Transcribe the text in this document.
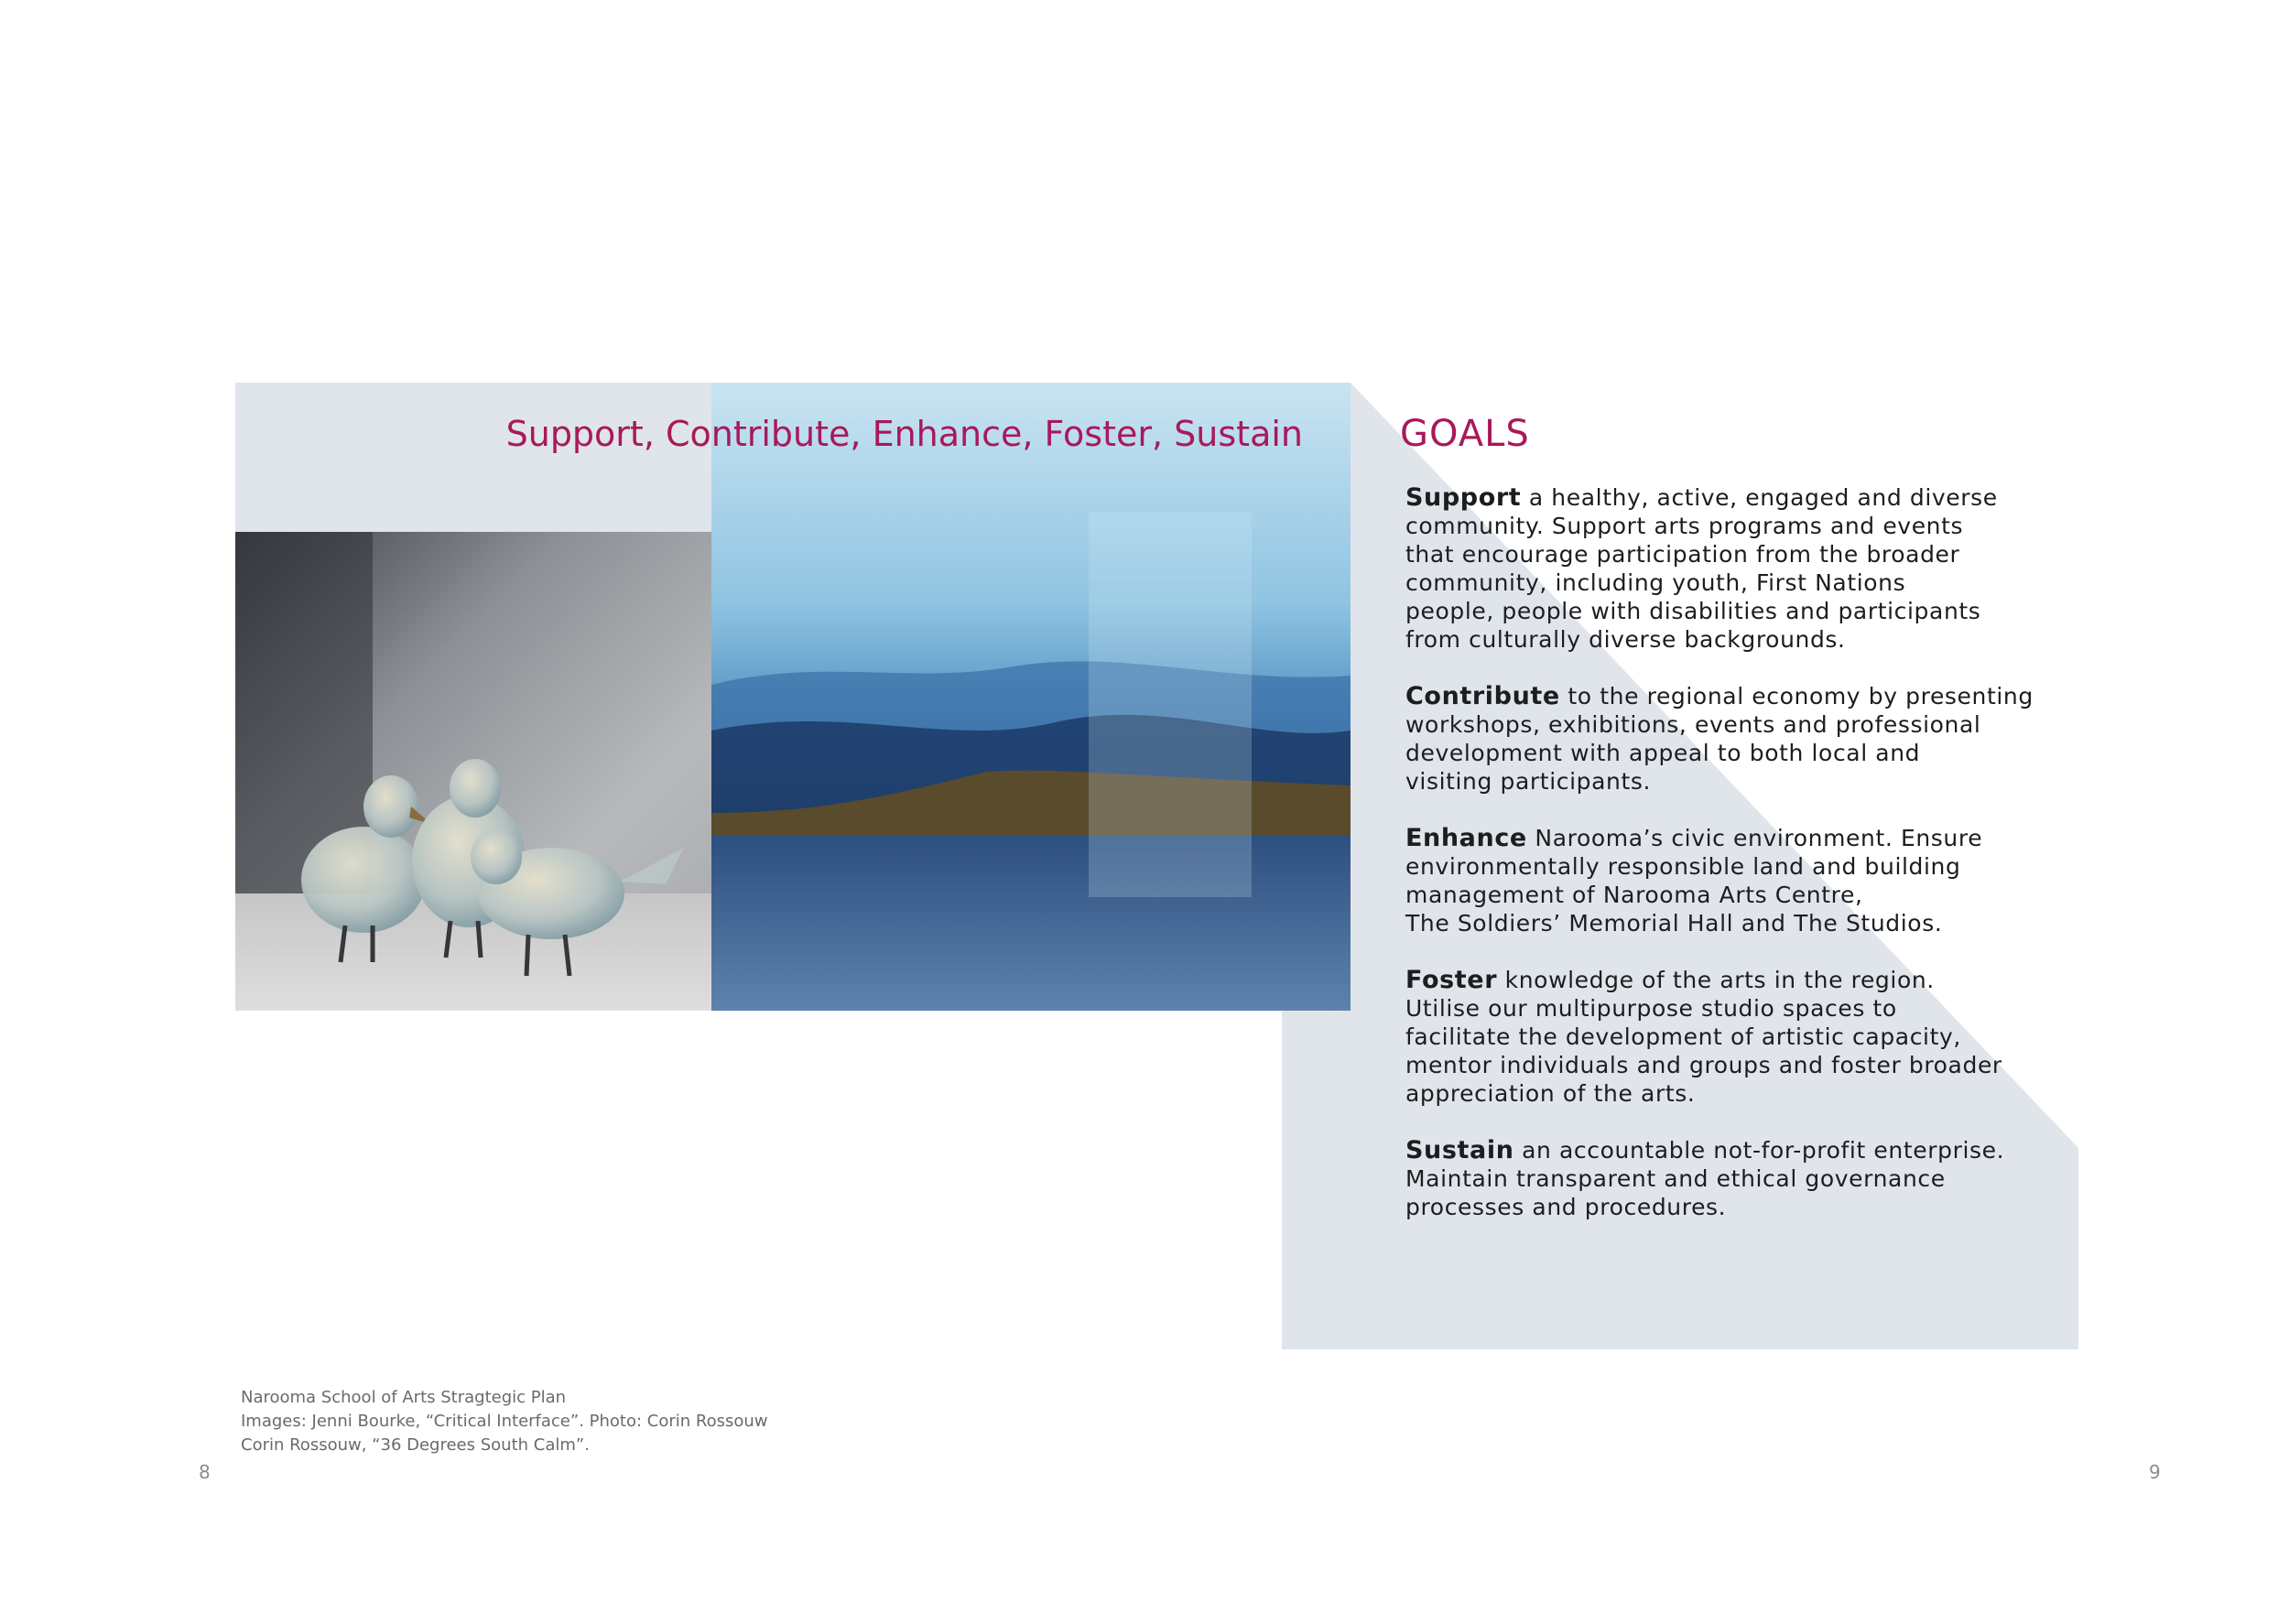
Support, Contribute, Enhance, Foster, Sustain	GOALS
Support a healthy, active, engaged and diverse
community. Support arts programs and events
that encourage participation from the broader
community, including youth, First Nations
people, people with disabilities and participants
from culturally diverse backgrounds.
Contribute to the regional economy by presenting
workshops, exhibitions, events and professional
development with appeal to both local and
visiting participants.
Enhance Narooma’s civic environment. Ensure
environmentally responsible land and building
management of Narooma Arts Centre,
The Soldiers’ Memorial Hall and The Studios.
Foster knowledge of the arts in the region.
Utilise our multipurpose studio spaces to
facilitate the development of artistic capacity,
mentor individuals and groups and foster broader
appreciation of the arts.
Sustain an accountable not-for-profit enterprise.
Maintain transparent and ethical governance
processes and procedures.
Narooma School of Arts Stragtegic Plan
Images: Jenni Bourke, “Critical Interface”. Photo: Corin Rossouw
Corin Rossouw, “36 Degrees South Calm”.
8	9
